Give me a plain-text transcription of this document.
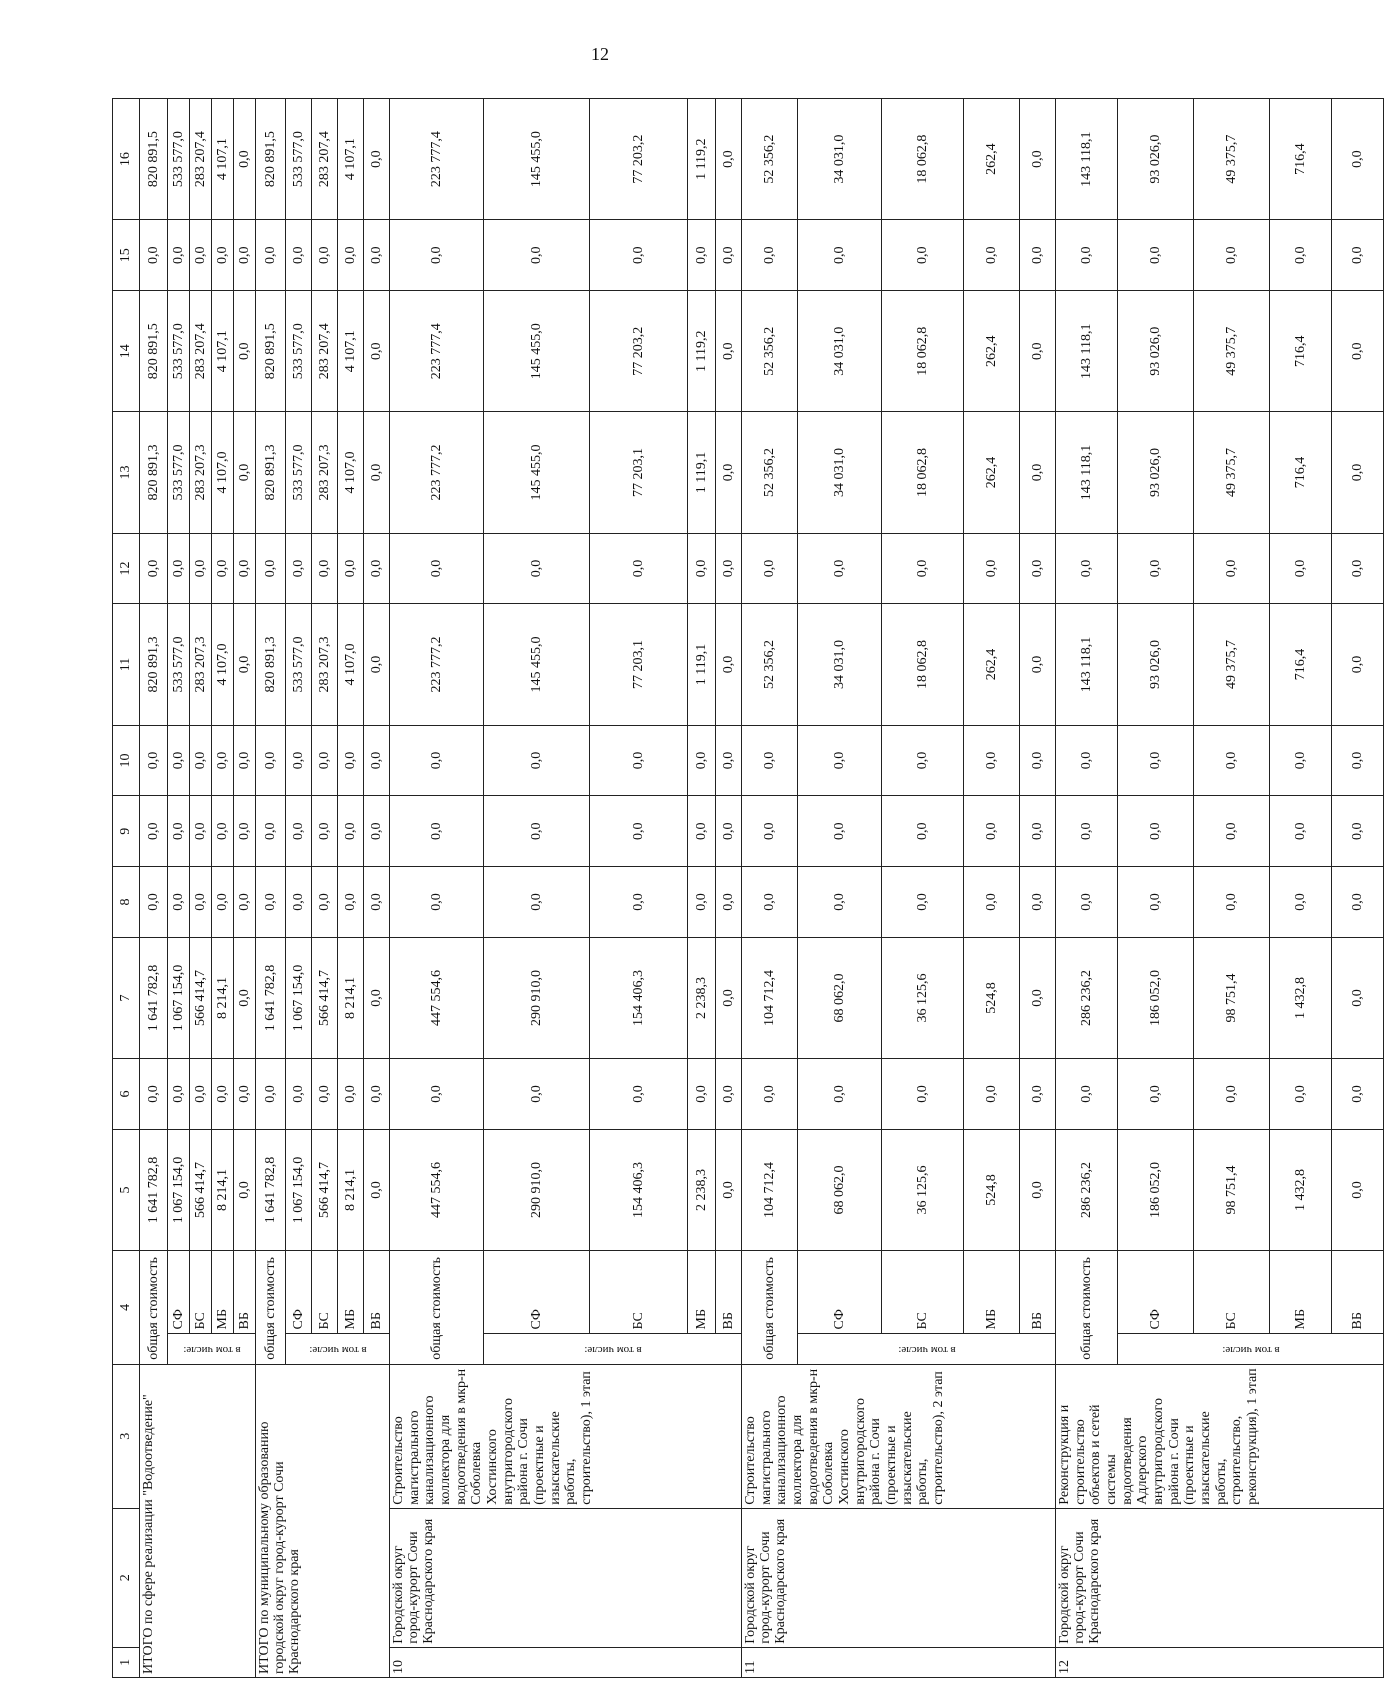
12
1	2	3	4		5	6	7	8	9	10	11	12	13	14	15	16
ИТОГО по сфере реализации "Водоотведение"			общая стоимость		1 641 782,8	0,0	1 641 782,8	0,0	0,0	0,0	820 891,3	0,0	820 891,3	820 891,5	0,0	820 891,5

			в том числе:	СФ	1 067 154,0	0,0	1 067 154,0	0,0	0,0	0,0	533 577,0	0,0	533 577,0	533 577,0	0,0	533 577,0
				БС	566 414,7	0,0	566 414,7	0,0	0,0	0,0	283 207,3	0,0	283 207,3	283 207,4	0,0	283 207,4
				МБ	8 214,1	0,0	8 214,1	0,0	0,0	0,0	4 107,0	0,0	4 107,0	4 107,1	0,0	4 107,1
				ВБ	0,0	0,0	0,0	0,0	0,0	0,0	0,0	0,0	0,0	0,0	0,0	0,0
ИТОГО по муниципальному образованию городской округ город-курорт Сочи Краснодарского края			общая стоимость		1 641 782,8	0,0	1 641 782,8	0,0	0,0	0,0	820 891,3	0,0	820 891,3	820 891,5	0,0	820 891,5

			в том числе:	СФ	1 067 154,0	0,0	1 067 154,0	0,0	0,0	0,0	533 577,0	0,0	533 577,0	533 577,0	0,0	533 577,0
				БС	566 414,7	0,0	566 414,7	0,0	0,0	0,0	283 207,3	0,0	283 207,3	283 207,4	0,0	283 207,4
				МБ	8 214,1	0,0	8 214,1	0,0	0,0	0,0	4 107,0	0,0	4 107,0	4 107,1	0,0	4 107,1
				ВБ	0,0	0,0	0,0	0,0	0,0	0,0	0,0	0,0	0,0	0,0	0,0	0,0
10	Городской округ город-курорт Сочи Краснодарского края	Строительство магистрального канализационного коллектора для водоотведения в мкр-н Соболевка Хостинского внутригородского района г. Сочи (проектные и изыскательские работы, строительство), 1 этап	общая стоимость		447 554,6	0,0	447 554,6	0,0	0,0	0,0	223 777,2	0,0	223 777,2	223 777,4	0,0	223 777,4

			в том числе:	СФ	290 910,0	0,0	290 910,0	0,0	0,0	0,0	145 455,0	0,0	145 455,0	145 455,0	0,0	145 455,0
				БС	154 406,3	0,0	154 406,3	0,0	0,0	0,0	77 203,1	0,0	77 203,1	77 203,2	0,0	77 203,2
				МБ	2 238,3	0,0	2 238,3	0,0	0,0	0,0	1 119,1	0,0	1 119,1	1 119,2	0,0	1 119,2
				ВБ	0,0	0,0	0,0	0,0	0,0	0,0	0,0	0,0	0,0	0,0	0,0	0,0
11	Городской округ город-курорт Сочи Краснодарского края	Строительство магистрального канализационного коллектора для водоотведения в мкр-н Соболевка Хостинского внутригородского района г. Сочи (проектные и изыскательские работы, строительство), 2 этап	общая стоимость		104 712,4	0,0	104 712,4	0,0	0,0	0,0	52 356,2	0,0	52 356,2	52 356,2	0,0	52 356,2

			в том числе:	СФ	68 062,0	0,0	68 062,0	0,0	0,0	0,0	34 031,0	0,0	34 031,0	34 031,0	0,0	34 031,0
				БС	36 125,6	0,0	36 125,6	0,0	0,0	0,0	18 062,8	0,0	18 062,8	18 062,8	0,0	18 062,8
				МБ	524,8	0,0	524,8	0,0	0,0	0,0	262,4	0,0	262,4	262,4	0,0	262,4
				ВБ	0,0	0,0	0,0	0,0	0,0	0,0	0,0	0,0	0,0	0,0	0,0	0,0
12	Городской округ город-курорт Сочи Краснодарского края	Реконструкция и строительство объектов и сетей системы водоотведения Адлерского внутригородского района г. Сочи (проектные и изыскательские работы, строительство, реконструкция), 1 этап	общая стоимость		286 236,2	0,0	286 236,2	0,0	0,0	0,0	143 118,1	0,0	143 118,1	143 118,1	0,0	143 118,1

			в том числе:	СФ	186 052,0	0,0	186 052,0	0,0	0,0	0,0	93 026,0	0,0	93 026,0	93 026,0	0,0	93 026,0
				БС	98 751,4	0,0	98 751,4	0,0	0,0	0,0	49 375,7	0,0	49 375,7	49 375,7	0,0	49 375,7
				МБ	1 432,8	0,0	1 432,8	0,0	0,0	0,0	716,4	0,0	716,4	716,4	0,0	716,4
				ВБ	0,0	0,0	0,0	0,0	0,0	0,0	0,0	0,0	0,0	0,0	0,0	0,0
